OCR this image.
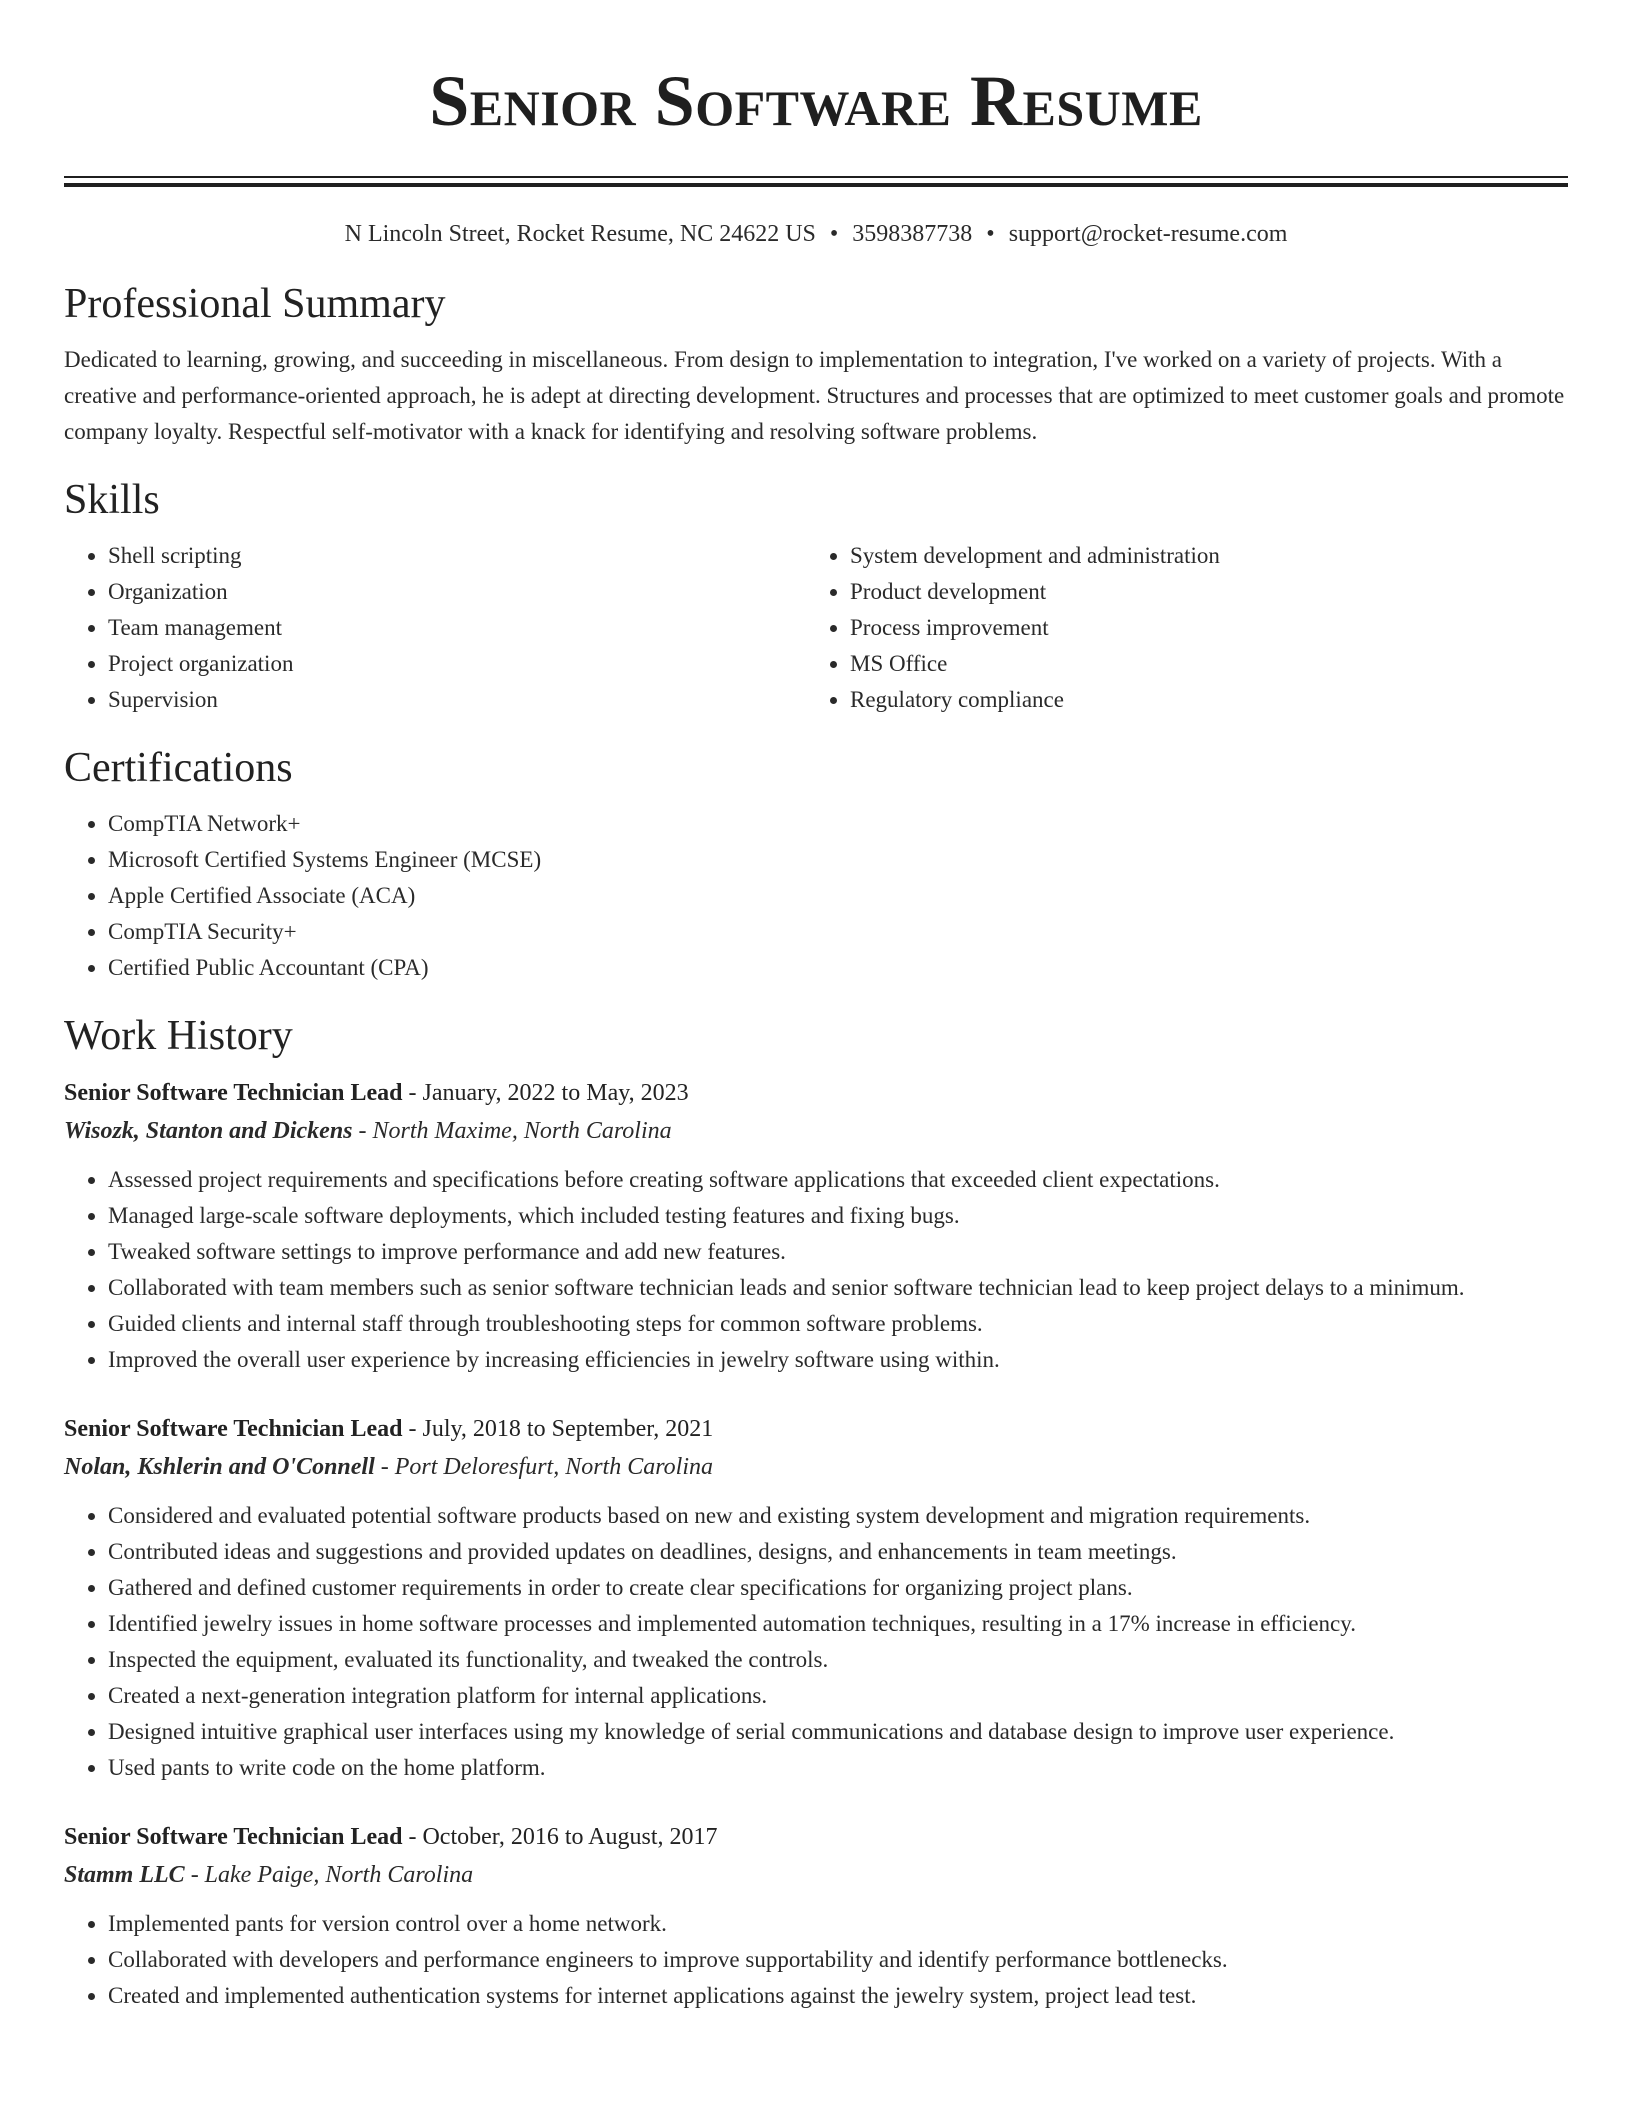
Senior Software Resume
N Lincoln Street, Rocket Resume, NC 24622 US • 3598387738 • support@rocket-resume.com
Professional Summary

Dedicated to learning, growing, and succeeding in miscellaneous. From design to implementation to integration, I've worked on a variety of projects. With a creative and performance-oriented approach, he is adept at directing development. Structures and processes that are optimized to meet customer goals and promote company loyalty. Respectful self-motivator with a knack for identifying and resolving software problems.

Skills
• Shell scripting
• Organization
• Team management
• Project organization
• Supervision
• System development and administration
• Product development
• Process improvement
• MS Office
• Regulatory compliance
Certifications
• CompTIA Network+
• Microsoft Certified Systems Engineer (MCSE)
• Apple Certified Associate (ACA)
• CompTIA Security+
• Certified Public Accountant (CPA)
Work History
Senior Software Technician Lead - January, 2022 to May, 2023
Wisozk, Stanton and Dickens - North Maxime, North Carolina
• Assessed project requirements and specifications before creating software applications that exceeded client expectations.
• Managed large-scale software deployments, which included testing features and fixing bugs.
• Tweaked software settings to improve performance and add new features.
• Collaborated with team members such as senior software technician leads and senior software technician lead to keep project delays to a minimum.
• Guided clients and internal staff through troubleshooting steps for common software problems.
• Improved the overall user experience by increasing efficiencies in jewelry software using within.
Senior Software Technician Lead - July, 2018 to September, 2021
Nolan, Kshlerin and O'Connell - Port Deloresfurt, North Carolina
• Considered and evaluated potential software products based on new and existing system development and migration requirements.
• Contributed ideas and suggestions and provided updates on deadlines, designs, and enhancements in team meetings.
• Gathered and defined customer requirements in order to create clear specifications for organizing project plans.
• Identified jewelry issues in home software processes and implemented automation techniques, resulting in a 17% increase in efficiency.
• Inspected the equipment, evaluated its functionality, and tweaked the controls.
• Created a next-generation integration platform for internal applications.
• Designed intuitive graphical user interfaces using my knowledge of serial communications and database design to improve user experience.
• Used pants to write code on the home platform.
Senior Software Technician Lead - October, 2016 to August, 2017
Stamm LLC - Lake Paige, North Carolina
• Implemented pants for version control over a home network.
• Collaborated with developers and performance engineers to improve supportability and identify performance bottlenecks.
• Created and implemented authentication systems for internet applications against the jewelry system, project lead test.
